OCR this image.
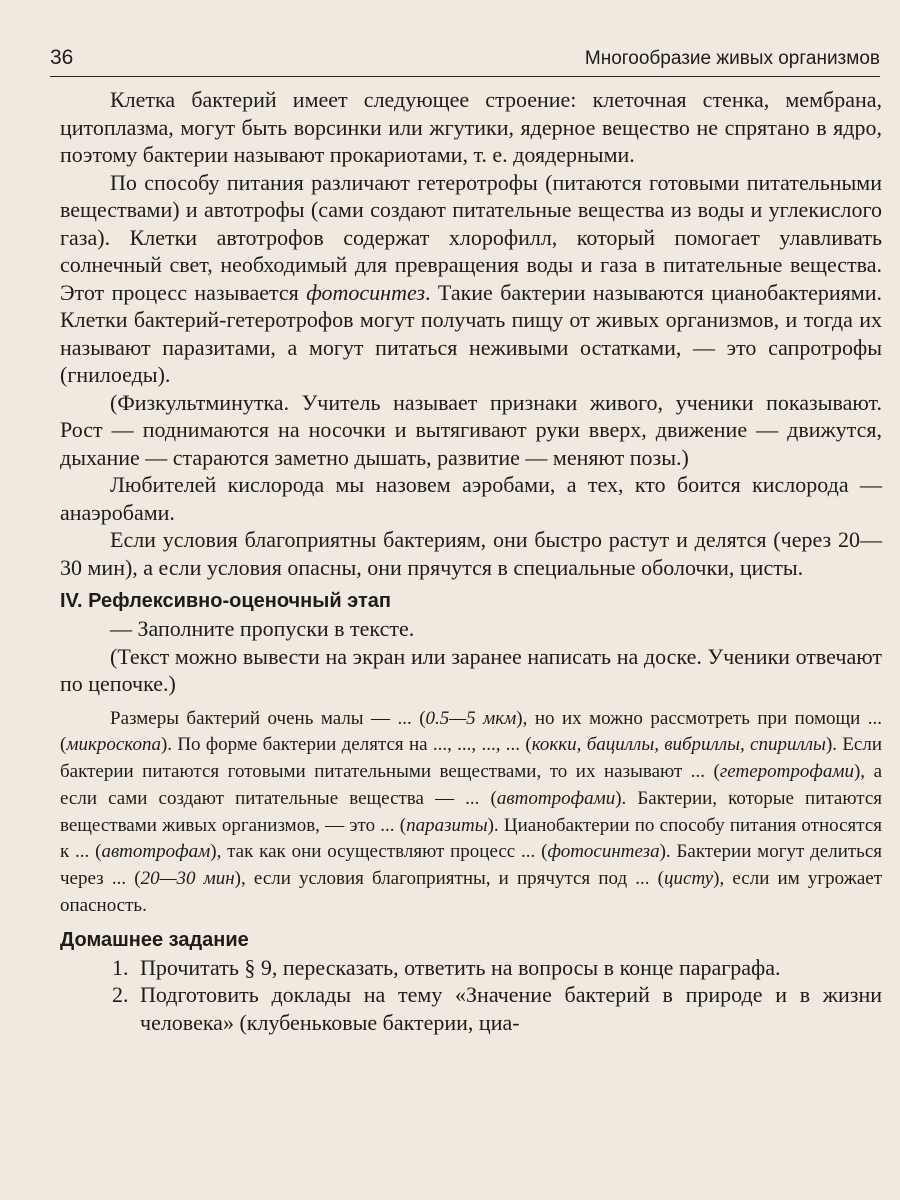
36	Многообразие живых организмов

Клетка бактерий имеет следующее строение: клеточная стенка, мембрана, цитоплазма, могут быть ворсинки или жгутики, ядерное вещество не спрятано в ядро, поэтому бактерии называют прокариотами, т. е. доядерными.

По способу питания различают гетеротрофы (питаются готовыми питательными веществами) и автотрофы (сами создают питательные вещества из воды и углекислого газа). Клетки автотрофов содержат хлорофилл, который помогает улавливать солнечный свет, необходимый для превращения воды и газа в питательные вещества. Этот процесс называется фотосинтез. Такие бактерии называются цианобактериями. Клетки бактерий-гетеротрофов могут получать пищу от живых организмов, и тогда их называют паразитами, а могут питаться неживыми остатками, — это сапротрофы (гнилоеды).

(Физкультминутка. Учитель называет признаки живого, ученики показывают. Рост — поднимаются на носочки и вытягивают руки вверх, движение — движутся, дыхание — стараются заметно дышать, развитие — меняют позы.)

Любителей кислорода мы назовем аэробами, а тех, кто боится кислорода — анаэробами.

Если условия благоприятны бактериям, они быстро растут и делятся (через 20—30 мин), а если условия опасны, они прячутся в специальные оболочки, цисты.

IV. Рефлексивно-оценочный этап

— Заполните пропуски в тексте.

(Текст можно вывести на экран или заранее написать на доске. Ученики отвечают по цепочке.)

Размеры бактерий очень малы — ... (0.5—5 мкм), но их можно рассмотреть при помощи ... (микроскопа). По форме бактерии делятся на ..., ..., ..., ... (кокки, бациллы, вибриллы, спириллы). Если бактерии питаются готовыми питательными веществами, то их называют ... (гетеротрофами), а если сами создают питательные вещества — ... (автотрофами). Бактерии, которые питаются веществами живых организмов, — это ... (паразиты). Цианобактерии по способу питания относятся к ... (автотрофам), так как они осуществляют процесс ... (фотосинтеза). Бактерии могут делиться через ... (20—30 мин), если условия благоприятны, и прячутся под ... (цисту), если им угрожает опасность.

Домашнее задание
1. Прочитать § 9, пересказать, ответить на вопросы в конце параграфа.
2. Подготовить доклады на тему «Значение бактерий в природе и в жизни человека» (клубеньковые бактерии, циа-
